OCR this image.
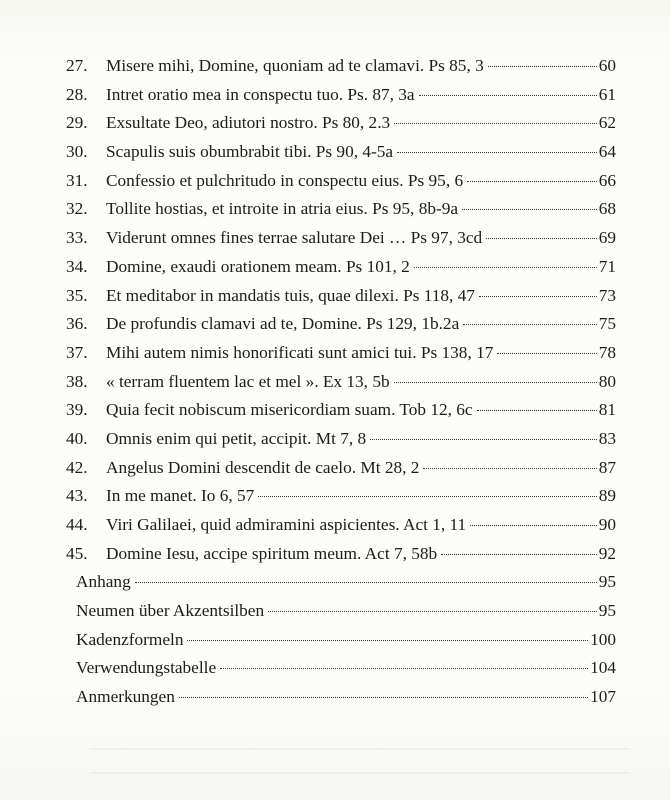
27.	Misere mihi, Domine, quoniam ad te clamavi. Ps 85, 3	60
28.	Intret oratio mea in conspectu tuo. Ps. 87, 3a	61
29.	Exsultate Deo, adiutori nostro. Ps 80, 2.3	62
30.	Scapulis suis obumbrabit tibi. Ps 90, 4-5a	64
31.	Confessio et pulchritudo in conspectu eius. Ps 95, 6	66
32.	Tollite hostias, et introite in atria eius. Ps 95, 8b-9a	68
33.	Viderunt omnes fines terrae salutare Dei … Ps 97, 3cd	69
34.	Domine, exaudi orationem meam. Ps 101, 2	71
35.	Et meditabor in mandatis tuis, quae dilexi. Ps 118, 47	73
36.	De profundis clamavi ad te, Domine. Ps 129, 1b.2a	75
37.	Mihi autem nimis honorificati sunt amici tui. Ps 138, 17	78
38.	« terram fluentem lac et mel ». Ex 13, 5b	80
39.	Quia fecit nobiscum misericordiam suam. Tob 12, 6c	81
40.	Omnis enim qui petit, accipit. Mt 7, 8	83
42.	Angelus Domini descendit de caelo. Mt 28, 2	87
43.	In me manet. Io 6, 57	89
44.	Viri Galilaei, quid admiramini aspicientes. Act 1, 11	90
45.	Domine Iesu, accipe spiritum meum. Act 7, 58b	92
Anhang	95
Neumen über Akzentsilben	95
Kadenzformeln	100
Verwendungstabelle	104
Anmerkungen	107
